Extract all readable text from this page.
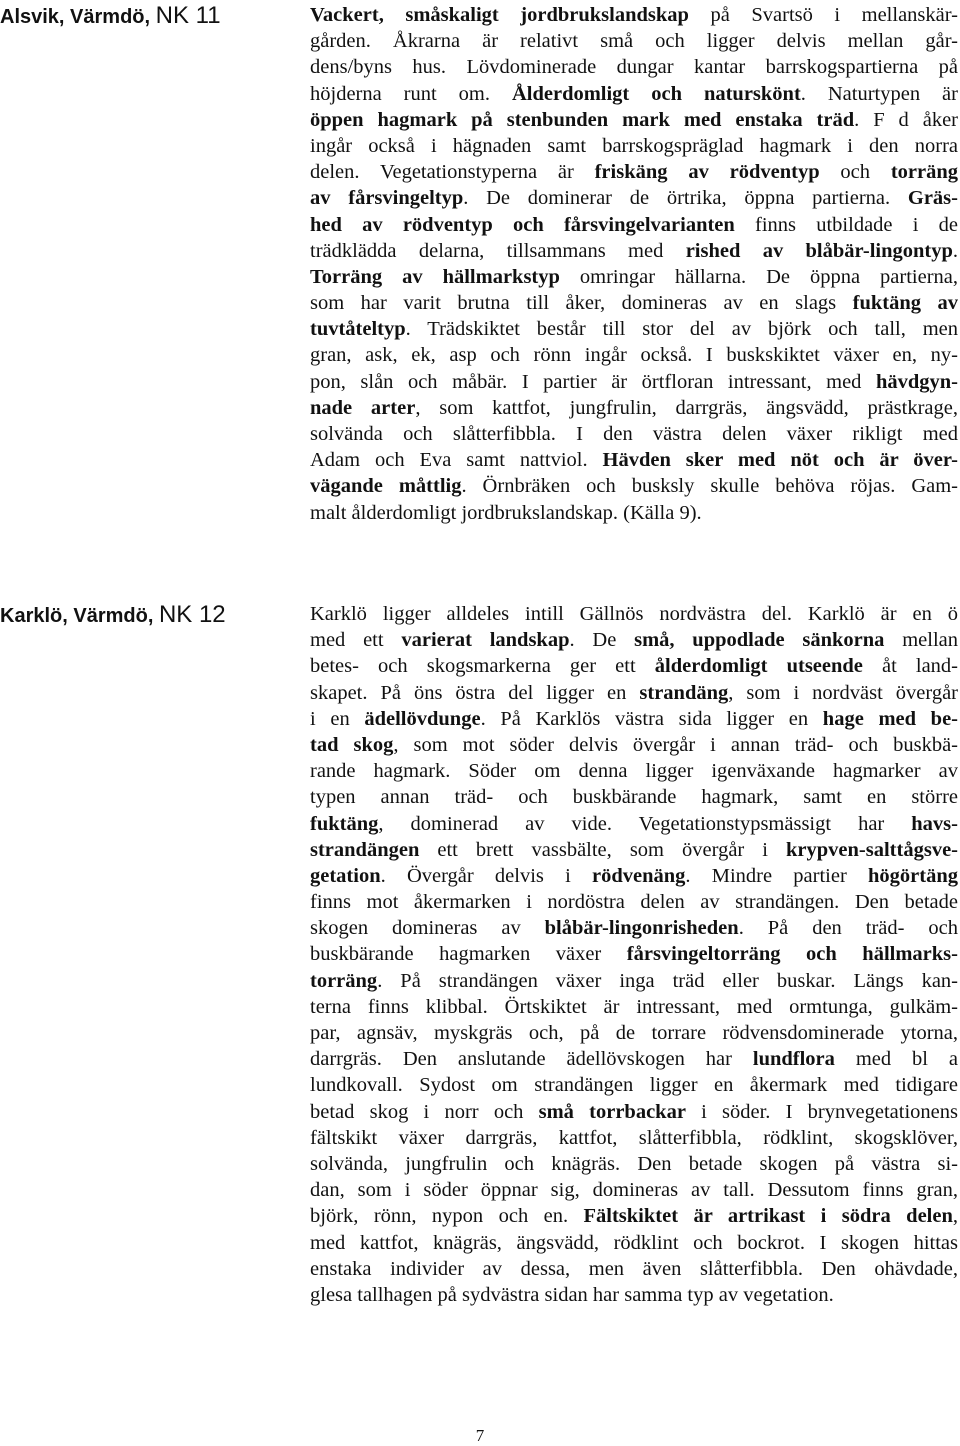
Alsvik, Värmdö, NK 11	Vackert, småskaligt jordbrukslandskap på Svartsö i mellanskär-
gården. Åkrarna är relativt små och ligger delvis mellan går-
dens/byns hus. Lövdominerade dungar kantar barrskogspartierna på
höjderna runt om. Ålderdomligt och naturskönt. Naturtypen är
öppen hagmark på stenbunden mark med enstaka träd. F d åker
ingår också i hägnaden samt barrskogspräglad hagmark i den norra
delen. Vegetationstyperna är friskäng av rödventyp och torräng
av fårsvingeltyp. De dominerar de örtrika, öppna partierna. Gräs-
hed av rödventyp och fårsvingelvarianten finns utbildade i de
trädklädda delarna, tillsammans med rished av blåbär-lingontyp.
Torräng av hällmarkstyp omringar hällarna. De öppna partierna,
som har varit brutna till åker, domineras av en slags fuktäng av
tuvtåteltyp. Trädskiktet består till stor del av björk och tall, men
gran, ask, ek, asp och rönn ingår också. I buskskiktet växer en, ny-
pon, slån och måbär. I partier är örtfloran intressant, med hävdgyn-
nade arter, som kattfot, jungfrulin, darrgräs, ängsvädd, prästkrage,
solvända och slåtterfibbla. I den västra delen växer rikligt med
Adam och Eva samt nattviol. Hävden sker med nöt och är över-
vägande måttlig. Örnbräken och busksly skulle behöva röjas. Gam-
malt ålderdomligt jordbrukslandskap. (Källa 9).
Karklö, Värmdö, NK 12	Karklö ligger alldeles intill Gällnös nordvästra del. Karklö är en ö
med ett varierat landskap. De små, uppodlade sänkorna mellan
betes- och skogsmarkerna ger ett ålderdomligt utseende åt land-
skapet. På öns östra del ligger en strandäng, som i nordväst övergår
i en ädellövdunge. På Karklös västra sida ligger en hage med be-
tad skog, som mot söder delvis övergår i annan träd- och buskbä-
rande hagmark. Söder om denna ligger igenväxande hagmarker av
typen annan träd- och buskbärande hagmark, samt en större
fuktäng, dominerad av vide. Vegetationstypsmässigt har havs-
strandängen ett brett vassbälte, som övergår i krypven-salttågsve-
getation. Övergår delvis i rödvenäng. Mindre partier högörtäng
finns mot åkermarken i nordöstra delen av strandängen. Den betade
skogen domineras av blåbär-lingonrisheden. På den träd- och
buskbärande hagmarken växer fårsvingeltorräng och hällmarks-
torräng. På strandängen växer inga träd eller buskar. Längs kan-
terna finns klibbal. Örtskiktet är intressant, med ormtunga, gulkäm-
par, agnsäv, myskgräs och, på de torrare rödvensdominerade ytorna,
darrgräs. Den anslutande ädellövskogen har lundflora med bl a
lundkovall. Sydost om strandängen ligger en åkermark med tidigare
betad skog i norr och små torrbackar i söder. I brynvegetationens
fältskikt växer darrgräs, kattfot, slåtterfibbla, rödklint, skogsklöver,
solvända, jungfrulin och knägräs. Den betade skogen på västra si-
dan, som i söder öppnar sig, domineras av tall. Dessutom finns gran,
björk, rönn, nypon och en. Fältskiktet är artrikast i södra delen,
med kattfot, knägräs, ängsvädd, rödklint och bockrot. I skogen hittas
enstaka individer av dessa, men även slåtterfibbla. Den ohävdade,
glesa tallhagen på sydvästra sidan har samma typ av vegetation.
7
